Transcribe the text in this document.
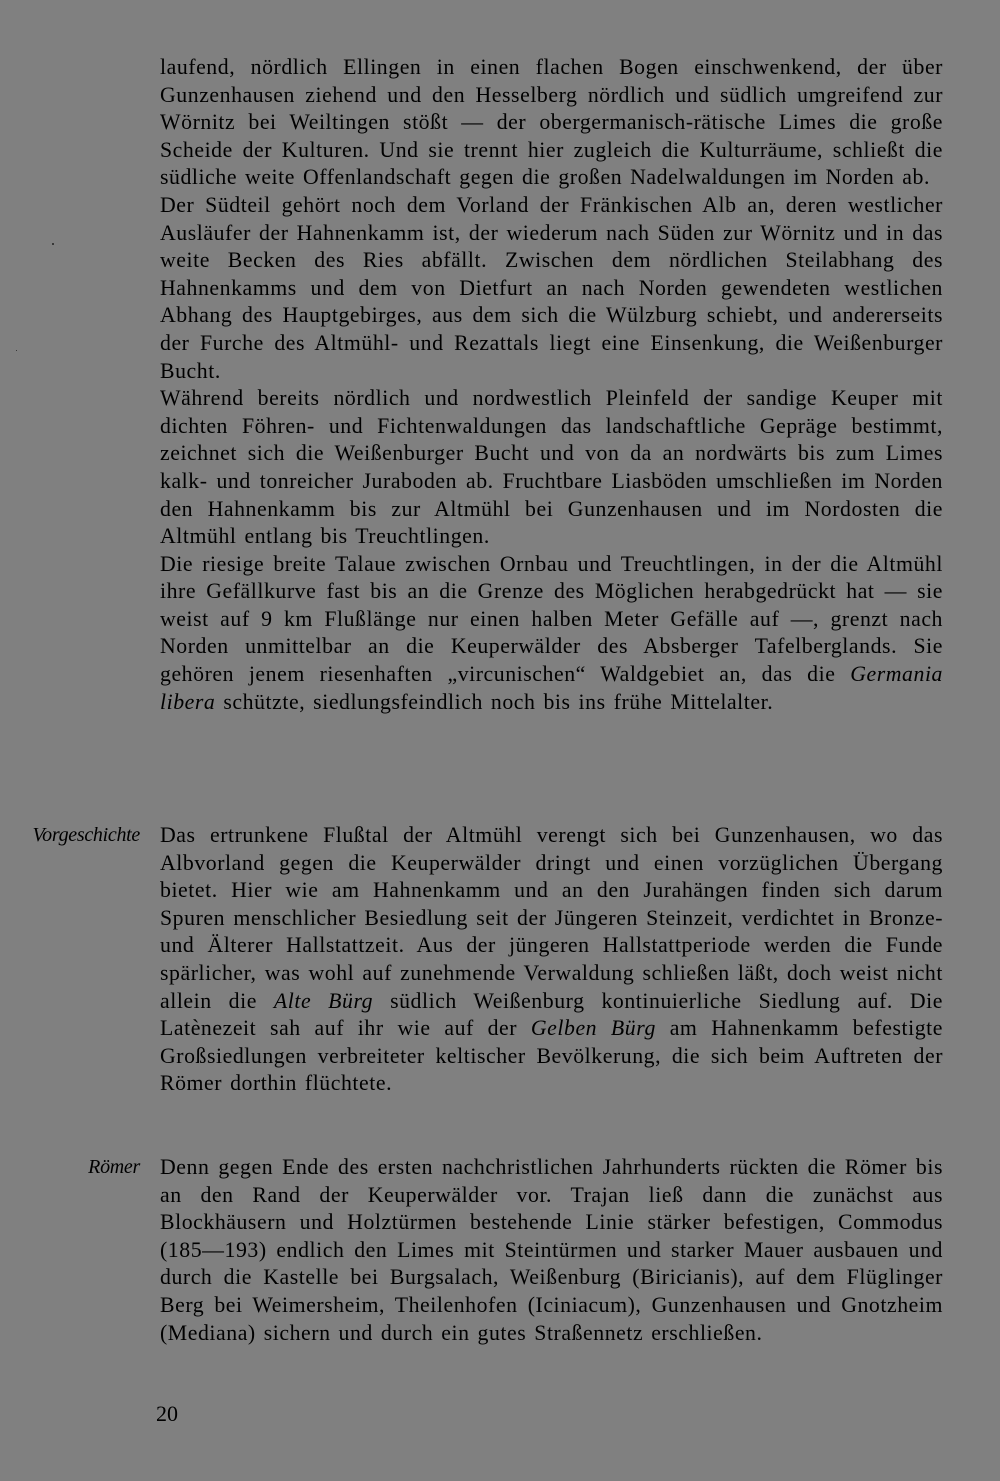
laufend, nördlich Ellingen in einen flachen Bogen einschwenkend, der über Gunzenhausen ziehend und den Hesselberg nördlich und südlich umgreifend zur Wörnitz bei Weiltingen stößt — der obergermanisch-rätische Limes die große Scheide der Kulturen. Und sie trennt hier zugleich die Kulturräume, schließt die südliche weite Offenlandschaft gegen die großen Nadelwaldungen im Norden ab.

Der Südteil gehört noch dem Vorland der Fränkischen Alb an, deren westlicher Ausläufer der Hahnenkamm ist, der wiederum nach Süden zur Wörnitz und in das weite Becken des Ries abfällt. Zwischen dem nördlichen Steilabhang des Hahnenkamms und dem von Dietfurt an nach Norden gewendeten westlichen Abhang des Hauptgebirges, aus dem sich die Wülzburg schiebt, und andererseits der Furche des Altmühl- und Rezattals liegt eine Einsenkung, die Weißenburger Bucht.

Während bereits nördlich und nordwestlich Pleinfeld der sandige Keuper mit dichten Föhren- und Fichtenwaldungen das landschaftliche Gepräge bestimmt, zeichnet sich die Weißenburger Bucht und von da an nordwärts bis zum Limes kalk- und tonreicher Juraboden ab. Fruchtbare Liasböden umschließen im Norden den Hahnenkamm bis zur Altmühl bei Gunzenhausen und im Nordosten die Altmühl entlang bis Treuchtlingen.

Die riesige breite Talaue zwischen Ornbau und Treuchtlingen, in der die Altmühl ihre Gefällkurve fast bis an die Grenze des Möglichen herabgedrückt hat — sie weist auf 9 km Flußlänge nur einen halben Meter Gefälle auf —, grenzt nach Norden unmittelbar an die Keuperwälder des Absberger Tafelberglands. Sie gehören jenem riesenhaften „vircunischen“ Waldgebiet an, das die Germania libera schützte, siedlungsfeindlich noch bis ins frühe Mittelalter.

Vorgeschichte Das ertrunkene Flußtal der Altmühl verengt sich bei Gunzenhausen, wo das Albvorland gegen die Keuperwälder dringt und einen vorzüglichen Übergang bietet. Hier wie am Hahnenkamm und an den Jurahängen finden sich darum Spuren menschlicher Besiedlung seit der Jüngeren Steinzeit, verdichtet in Bronze- und Älterer Hallstattzeit. Aus der jüngeren Hallstattperiode werden die Funde spärlicher, was wohl auf zunehmende Verwaldung schließen läßt, doch weist nicht allein die Alte Bürg südlich Weißenburg kontinuierliche Siedlung auf. Die Latènezeit sah auf ihr wie auf der Gelben Bürg am Hahnenkamm befestigte Großsiedlungen verbreiteter keltischer Bevölkerung, die sich beim Auftreten der Römer dorthin flüchtete.

Römer Denn gegen Ende des ersten nachchristlichen Jahrhunderts rückten die Römer bis an den Rand der Keuperwälder vor. Trajan ließ dann die zunächst aus Blockhäusern und Holztürmen bestehende Linie stärker befestigen, Commodus (185—193) endlich den Limes mit Steintürmen und starker Mauer ausbauen und durch die Kastelle bei Burgsalach, Weißenburg (Biricianis), auf dem Flüglinger Berg bei Weimersheim, Theilenhofen (Iciniacum), Gunzenhausen und Gnotzheim (Mediana) sichern und durch ein gutes Straßennetz erschließen.

20
